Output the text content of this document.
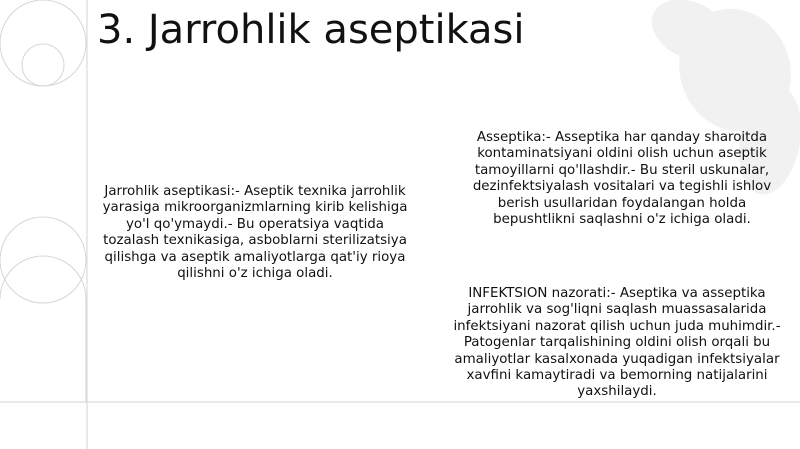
3. Jarrohlik aseptikasi
Jarrohlik aseptikasi:- Aseptik texnika jarrohlik yarasiga mikroorganizmlarning kirib kelishiga yo'l qo'ymaydi.- Bu operatsiya vaqtida tozalash texnikasiga, asboblarni sterilizatsiya qilishga va aseptik amaliyotlarga qat'iy rioya qilishni o'z ichiga oladi.
Asseptika:- Asseptika har qanday sharoitda kontaminatsiyani oldini olish uchun aseptik tamoyillarni qo'llashdir.- Bu steril uskunalar, dezinfektsiyalash vositalari va tegishli ishlov berish usullaridan foydalangan holda bepushtlikni saqlashni o'z ichiga oladi.
INFEKTSION nazorati:- Aseptika va asseptika jarrohlik va sog'liqni saqlash muassasalarida infektsiyani nazorat qilish uchun juda muhimdir.- Patogenlar tarqalishining oldini olish orqali bu amaliyotlar kasalxonada yuqadigan infektsiyalar xavfini kamaytiradi va bemorning natijalarini yaxshilaydi.
